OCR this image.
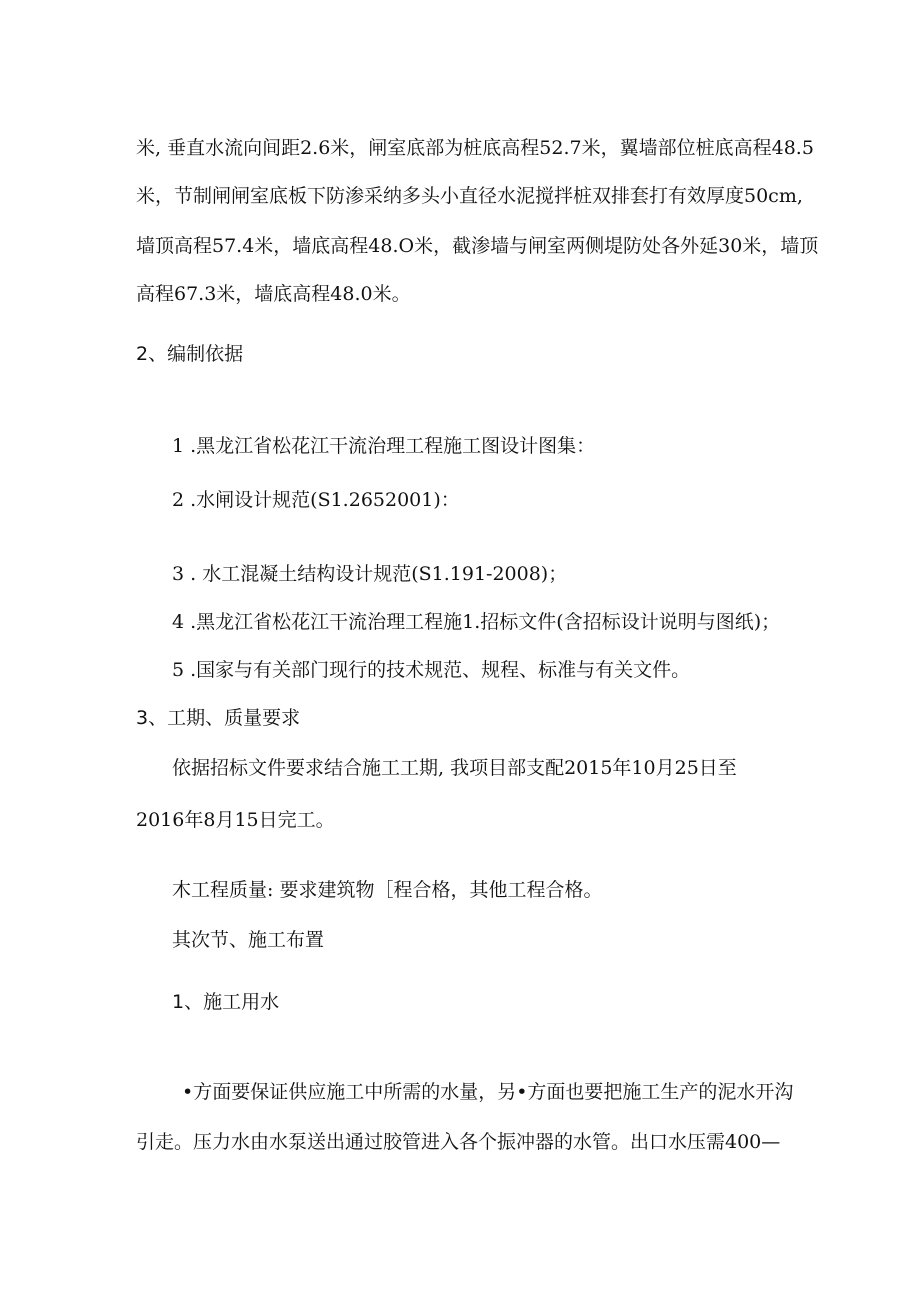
米, 垂直水流向间距2.6米，闸室底部为桩底高程52.7米，翼墙部位桩底高程48.5
米，节制闸闸室底板下防渗采纳多头小直径水泥搅拌桩双排套打有效厚度50cm,
墙顶高程57.4米，墙底高程48.O米，截渗墙与闸室两侧堤防处各外延30米，墙顶
高程67.3米，墙底高程48.0米。
2、编制依据
1 .黑龙江省松花江干流治理工程施工图设计图集：
2 .水闸设计规范(S1.2652001)：
3 . 水工混凝土结构设计规范(S1.191-2008)；
4 .黑龙江省松花江干流治理工程施1.招标文件(含招标设计说明与图纸)；
5 .国家与有关部门现行的技术规范、规程、标准与有关文件。
3、工期、质量要求
依据招标文件要求结合施工工期, 我项目部支配2015年10月25日至
2016年8月15日完工。
木工程质量: 要求建筑物［程合格，其他工程合格。
其次节、施工布置
1、施工用水
•方面要保证供应施工中所需的水量，另•方面也要把施工生产的泥水开沟
引走。压力水由水泵送出通过胶管进入各个振冲器的水管。出口水压需400—
